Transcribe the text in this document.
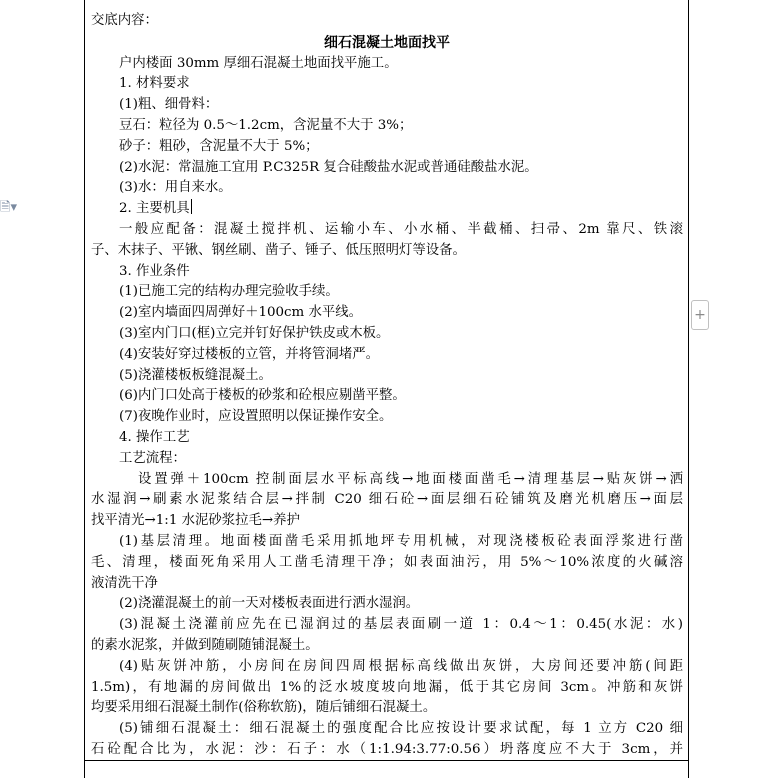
🗎▾
+
交底内容：
细石混凝土地面找平
户内楼面 30mm 厚细石混凝土地面找平施工。
1. 材料要求
(1)粗、细骨料：
豆石：粒径为 0.5～1.2cm，含泥量不大于 3%；
砂子：粗砂，含泥量不大于 5%；
(2)水泥：常温施工宜用 P.C325R 复合硅酸盐水泥或普通硅酸盐水泥。
(3)水：用自来水。
2. 主要机具
一般应配备：混凝土搅拌机、运输小车、小水桶、半截桶、扫帚、2m 靠尺、铁滚
子、木抹子、平锹、钢丝刷、凿子、锤子、低压照明灯等设备。
3. 作业条件
(1)已施工完的结构办理完验收手续。
(2)室内墙面四周弹好＋100cm 水平线。
(3)室内门口(框)立完并钉好保护铁皮或木板。
(4)安装好穿过楼板的立管，并将管洞堵严。
(5)浇灌楼板板缝混凝土。
(6)内门口处高于楼板的砂浆和砼根应剔凿平整。
(7)夜晚作业时，应设置照明以保证操作安全。
4. 操作工艺
工艺流程：
设置弹＋100cm 控制面层水平标高线→地面楼面凿毛→清理基层→贴灰饼→洒
水湿润→刷素水泥浆结合层→拌制 C20 细石砼→面层细石砼铺筑及磨光机磨压→面层
找平清光→1:1 水泥砂浆拉毛→养护
(1)基层清理。地面楼面凿毛采用抓地坪专用机械，对现浇楼板砼表面浮浆进行凿
毛、清理，楼面死角采用人工凿毛清理干净；如表面油污，用 5%～10%浓度的火碱溶
液清洗干净
(2)浇灌混凝土的前一天对楼板表面进行洒水湿润。
(3)混凝土浇灌前应先在已湿润过的基层表面刷一道 1：0.4～1：0.45(水泥：水)
的素水泥浆，并做到随刷随铺混凝土。
(4)贴灰饼冲筋，小房间在房间四周根据标高线做出灰饼，大房间还要冲筋(间距
1.5m)，有地漏的房间做出 1%的泛水坡度坡向地漏，低于其它房间 3cm。冲筋和灰饼
均要采用细石混凝土制作(俗称软筋)，随后铺细石混凝土。
(5)铺细石混凝土：细石混凝土的强度配合比应按设计要求试配，每 1 立方 C20 细
石砼配合比为，水泥：沙：石子：水（1:1.94:3.77:0.56）坍落度应不大于 3cm，并
